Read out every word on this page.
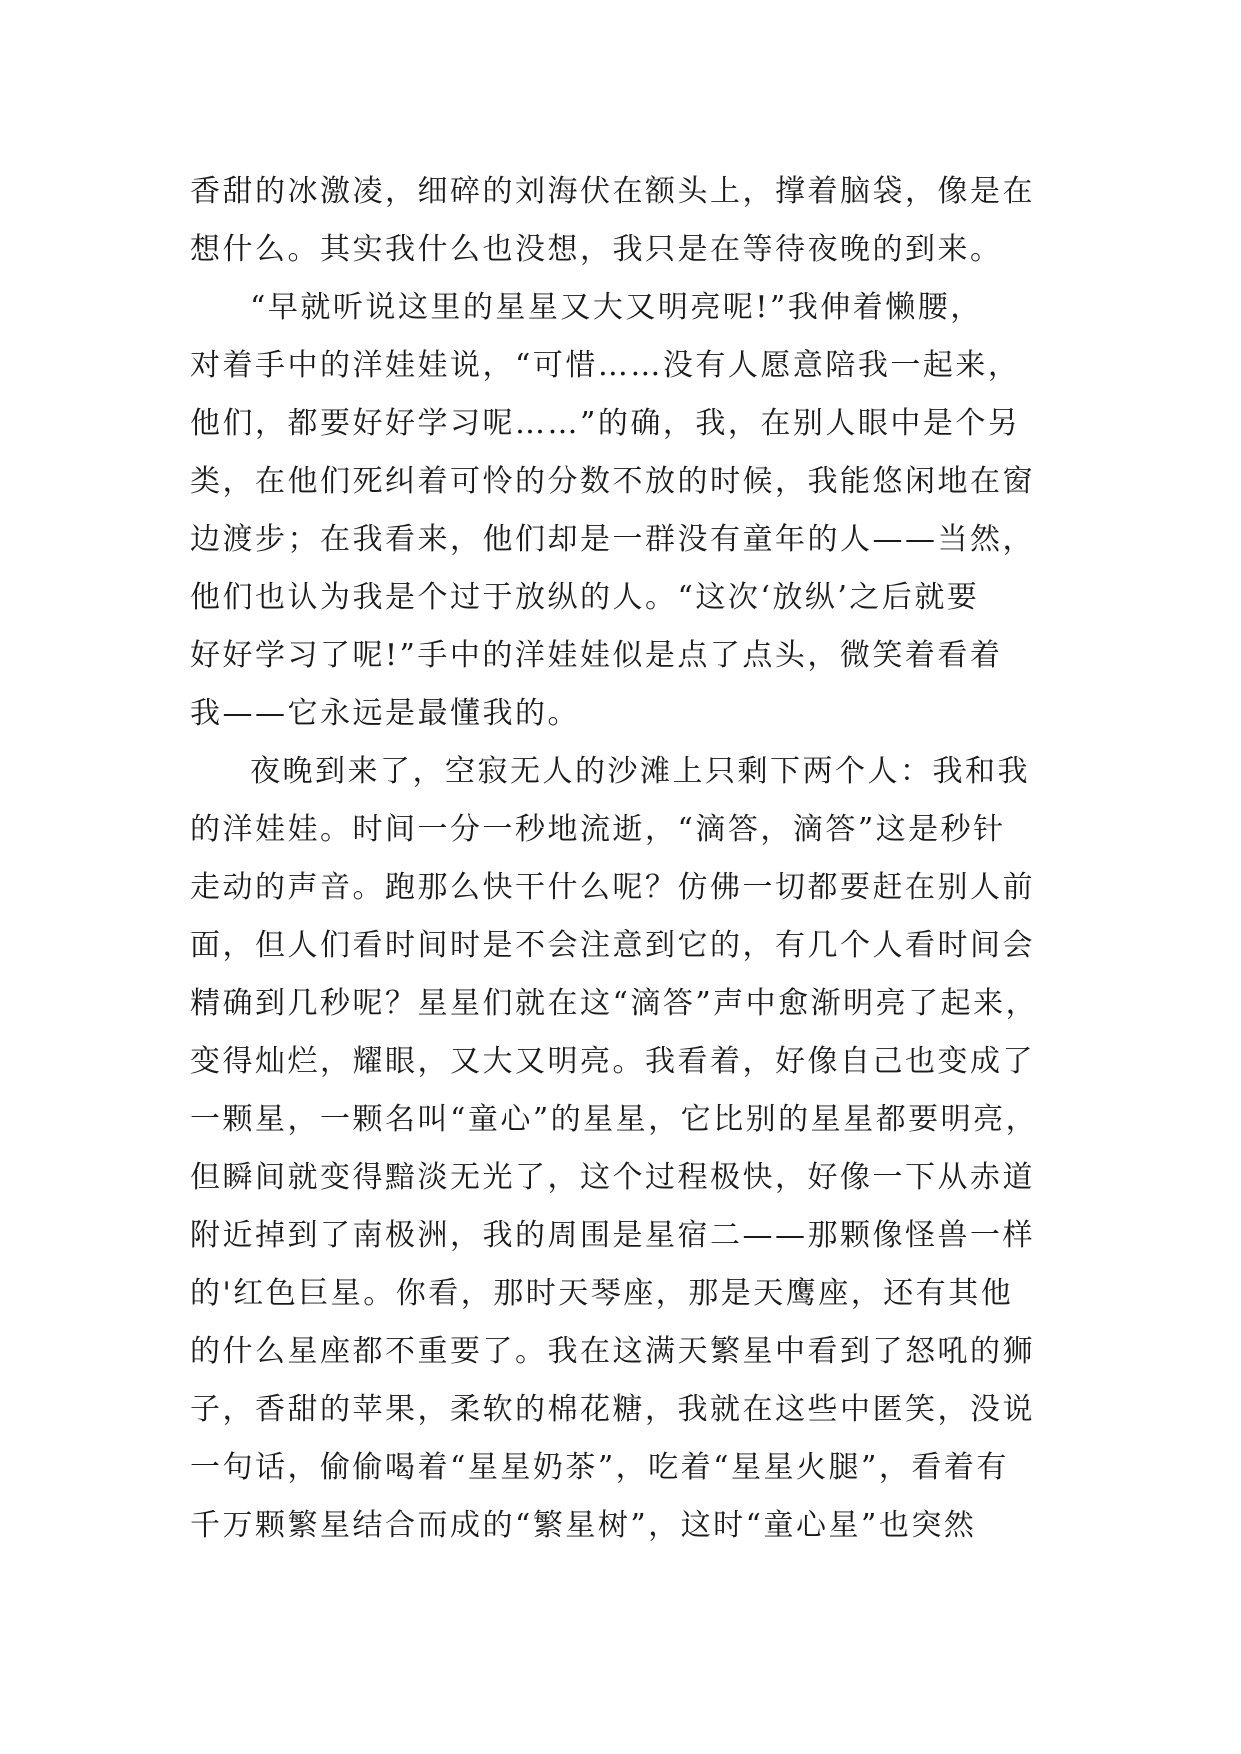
香甜的冰激凌，细碎的刘海伏在额头上，撑着脑袋，像是在
想什么。其实我什么也没想，我只是在等待夜晚的到来。
“早就听说这里的星星又大又明亮呢!”我伸着懒腰，
对着手中的洋娃娃说，“可惜……没有人愿意陪我一起来，
他们，都要好好学习呢……”的确，我，在别人眼中是个另
类，在他们死纠着可怜的分数不放的时候，我能悠闲地在窗
边渡步；在我看来，他们却是一群没有童年的人——当然，
他们也认为我是个过于放纵的人。“这次‘放纵’之后就要
好好学习了呢!”手中的洋娃娃似是点了点头，微笑着看着
我——它永远是最懂我的。
夜晚到来了，空寂无人的沙滩上只剩下两个人：我和我
的洋娃娃。时间一分一秒地流逝，“滴答，滴答”这是秒针
走动的声音。跑那么快干什么呢？仿佛一切都要赶在别人前
面，但人们看时间时是不会注意到它的，有几个人看时间会
精确到几秒呢？星星们就在这“滴答”声中愈渐明亮了起来，
变得灿烂，耀眼，又大又明亮。我看着，好像自己也变成了
一颗星，一颗名叫“童心”的星星，它比别的星星都要明亮，
但瞬间就变得黯淡无光了，这个过程极快，好像一下从赤道
附近掉到了南极洲，我的周围是星宿二——那颗像怪兽一样
的'红色巨星。你看，那时天琴座，那是天鹰座，还有其他
的什么星座都不重要了。我在这满天繁星中看到了怒吼的狮
子，香甜的苹果，柔软的棉花糖，我就在这些中匿笑，没说
一句话，偷偷喝着“星星奶茶”，吃着“星星火腿”，看着有
千万颗繁星结合而成的“繁星树”，这时“童心星”也突然
